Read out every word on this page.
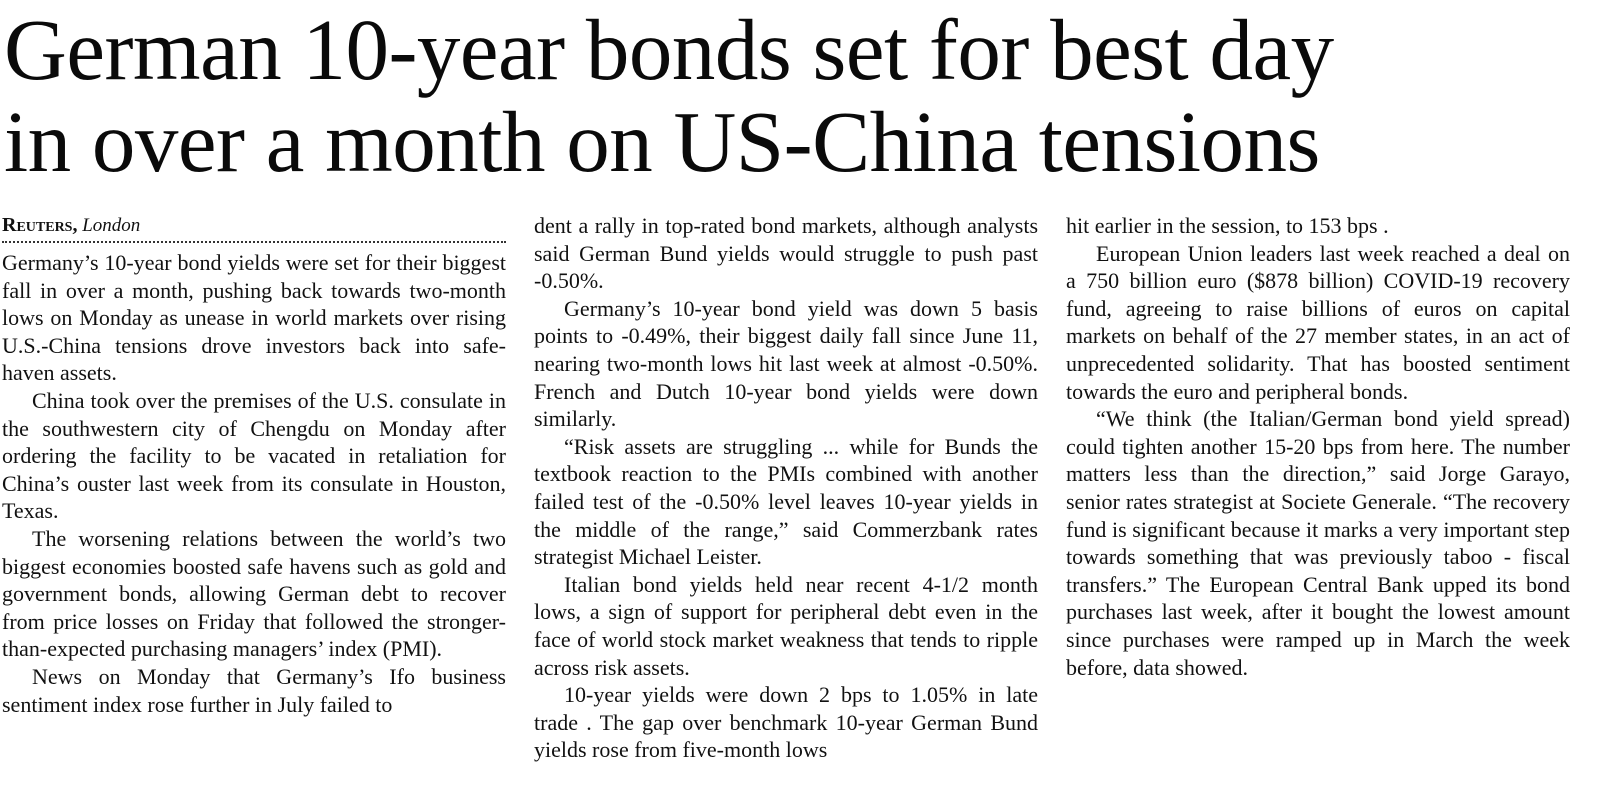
German 10-year bonds set for best day
in over a month on US-China tensions
Reuters, London

Germany’s 10-year bond yields were set for their biggest fall in over a month, pushing back towards two-month lows on Monday as unease in world markets over rising U.S.-China tensions drove investors back into safe-haven assets.

China took over the premises of the U.S. consulate in the southwestern city of Chengdu on Monday after ordering the facility to be vacated in retaliation for China’s ouster last week from its consulate in Houston, Texas.

The worsening relations between the world’s two biggest economies boosted safe havens such as gold and government bonds, allowing German debt to recover from price losses on Friday that followed the stronger-than-expected purchasing managers’ index (PMI).

News on Monday that Germany’s Ifo business sentiment index rose further in July failed to

dent a rally in top-rated bond markets, although analysts said German Bund yields would struggle to push past -0.50%.

Germany’s 10-year bond yield was down 5 basis points to -0.49%, their biggest daily fall since June 11, nearing two-month lows hit last week at almost -0.50%. French and Dutch 10-year bond yields were down similarly.

“Risk assets are struggling ... while for Bunds the textbook reaction to the PMIs combined with another failed test of the -0.50% level leaves 10-year yields in the middle of the range,” said Commerzbank rates strategist Michael Leister.

Italian bond yields held near recent 4-1/2 month lows, a sign of support for peripheral debt even in the face of world stock market weakness that tends to ripple across risk assets.

10-year yields were down 2 bps to 1.05% in late trade . The gap over benchmark 10-year German Bund yields rose from five-month lows

hit earlier in the session, to 153 bps .

European Union leaders last week reached a deal on a 750 billion euro ($878 billion) COVID-19 recovery fund, agreeing to raise billions of euros on capital markets on behalf of the 27 member states, in an act of unprecedented solidarity. That has boosted sentiment towards the euro and peripheral bonds.

“We think (the Italian/German bond yield spread) could tighten another 15-20 bps from here. The number matters less than the direction,” said Jorge Garayo, senior rates strategist at Societe Generale. “The recovery fund is significant because it marks a very important step towards something that was previously taboo - fiscal transfers.” The European Central Bank upped its bond purchases last week, after it bought the lowest amount since purchases were ramped up in March the week before, data showed.
